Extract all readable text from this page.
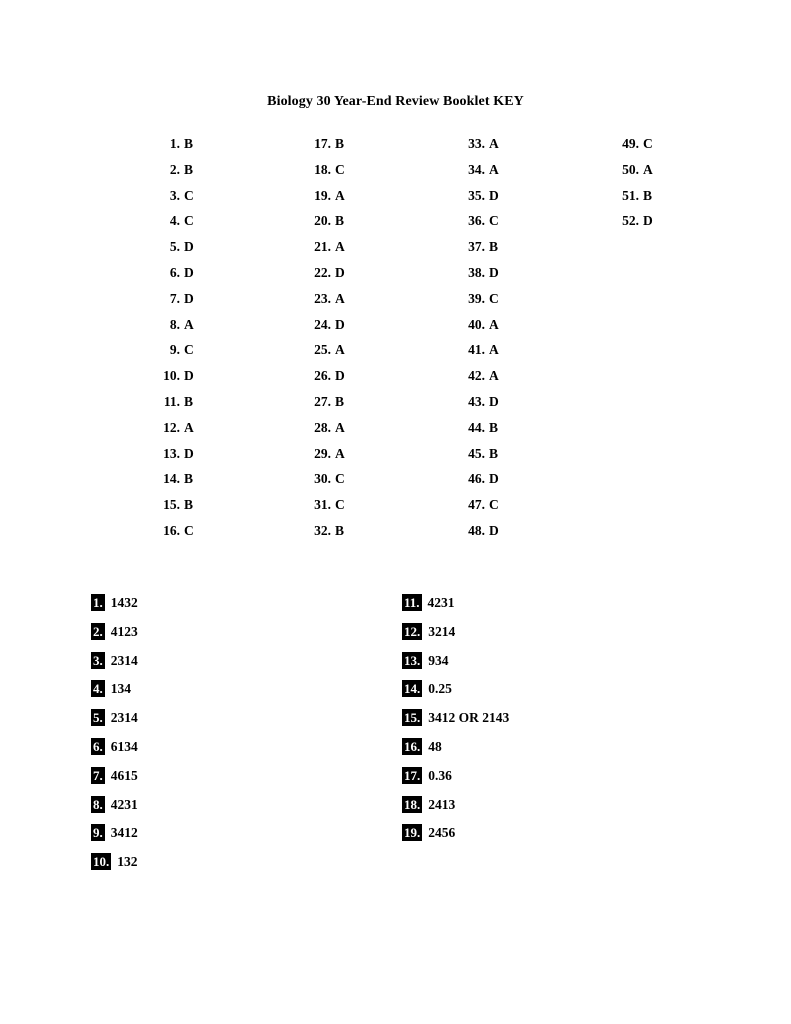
Biology 30 Year-End Review Booklet KEY
1. B
2. B
3. C
4. C
5. D
6. D
7. D
8. A
9. C
10. D
11. B
12. A
13. D
14. B
15. B
16. C
17. B
18. C
19. A
20. B
21. A
22. D
23. A
24. D
25. A
26. D
27. B
28. A
29. A
30. C
31. C
32. B
33. A
34. A
35. D
36. C
37. B
38. D
39. C
40. A
41. A
42. A
43. D
44. B
45. B
46. D
47. C
48. D
49. C
50. A
51. B
52. D
1. 1432
2. 4123
3. 2314
4. 134
5. 2314
6. 6134
7. 4615
8. 4231
9. 3412
10. 132
11. 4231
12. 3214
13. 934
14. 0.25
15. 3412 OR 2143
16. 48
17. 0.36
18. 2413
19. 2456
